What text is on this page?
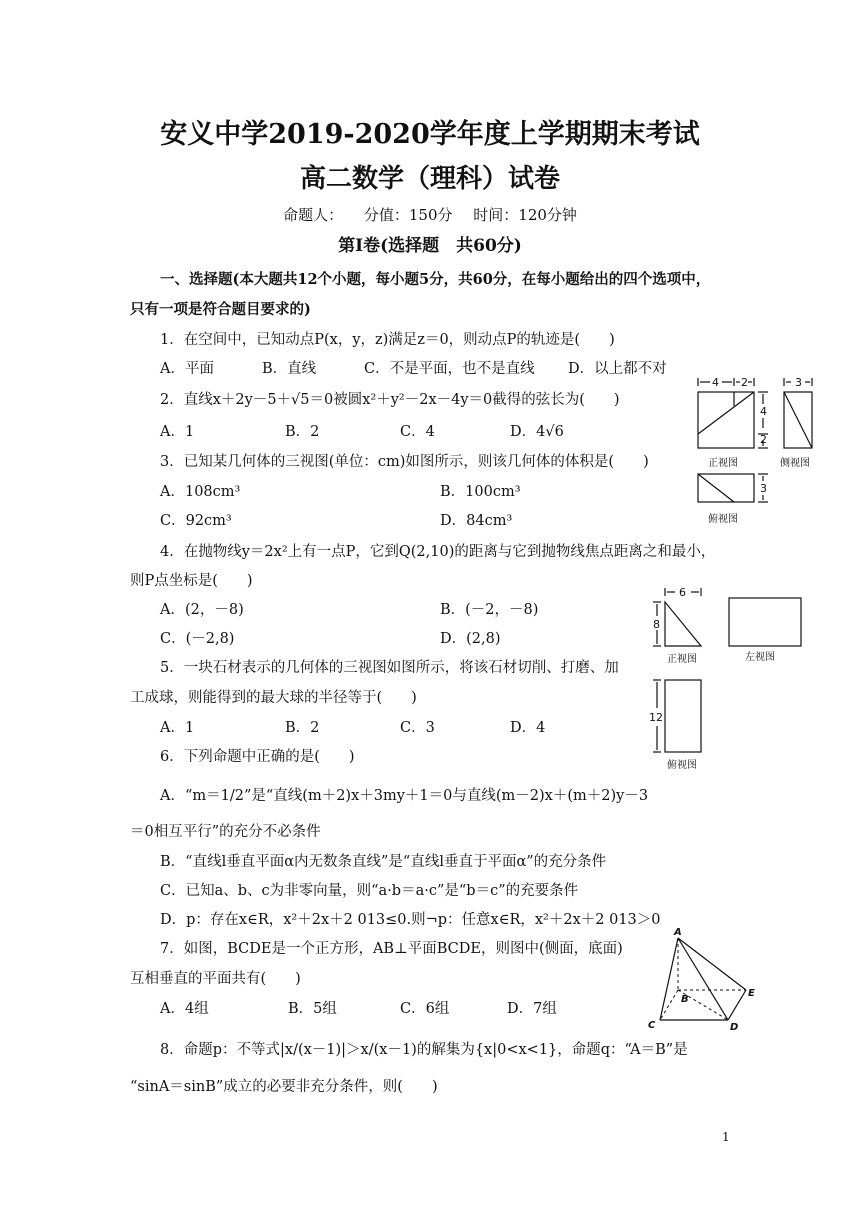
安义中学2019-2020学年度上学期期末考试
高二数学（理科）试卷
命题人： 分值：150分 时间：120分钟
第Ⅰ卷(选择题　共60分)
一、选择题(本大题共12个小题，每小题5分，共60分，在每小题给出的四个选项中，
只有一项是符合题目要求的)
1．在空间中，已知动点P(x，y，z)满足z＝0，则动点P的轨迹是(　　)
A．平面	B．直线	C．不是平面，也不是直线 D．以上都不对
2．直线x＋2y－5＋√5＝0被圆x²＋y²－2x－4y＝0截得的弦长为(　　)
A．1	B．2	C．4	D．4√6
3．已知某几何体的三视图(单位：cm)如图所示，则该几何体的体积是(　　)
A．108cm³	B．100cm³
C．92cm³	D．84cm³
4 2	3
4
2
3
正视图	侧视图
俯视图
4．在抛物线y＝2x²上有一点P，它到Q(2,10)的距离与它到抛物线焦点距离之和最小，
则P点坐标是(　　)
A．(2，－8)	B．(－2，－8)
C．(－2,8)	D．(2,8)
6
8
12
正视图	左视图
俯视图
5．一块石材表示的几何体的三视图如图所示，将该石材切削、打磨、加
工成球，则能得到的最大球的半径等于(　　)
A．1	B．2	C．3	D．4
6．下列命题中正确的是(　　)
A．“m＝1/2”是“直线(m＋2)x＋3my＋1＝0与直线(m－2)x＋(m＋2)y－3
＝0相互平行”的充分不必条件
B．“直线l垂直平面α内无数条直线”是“直线l垂直于平面α”的充分条件
C．已知a、b、c为非零向量，则“a·b＝a·c”是“b＝c”的充要条件
D．p：存在x∈R，x²＋2x＋2 013≤0.则¬p：任意x∈R，x²＋2x＋2 013＞0
7．如图，BCDE是一个正方形，AB⊥平面BCDE，则图中(侧面，底面)
互相垂直的平面共有(　　)
A．4组	B．5组	C．6组	D．7组
A
B
C	D
E
8．命题p：不等式|x/(x－1)|＞x/(x－1)的解集为{x|0<x<1}，命题q：“A＝B”是
“sinA＝sinB”成立的必要非充分条件，则(　　)
1
